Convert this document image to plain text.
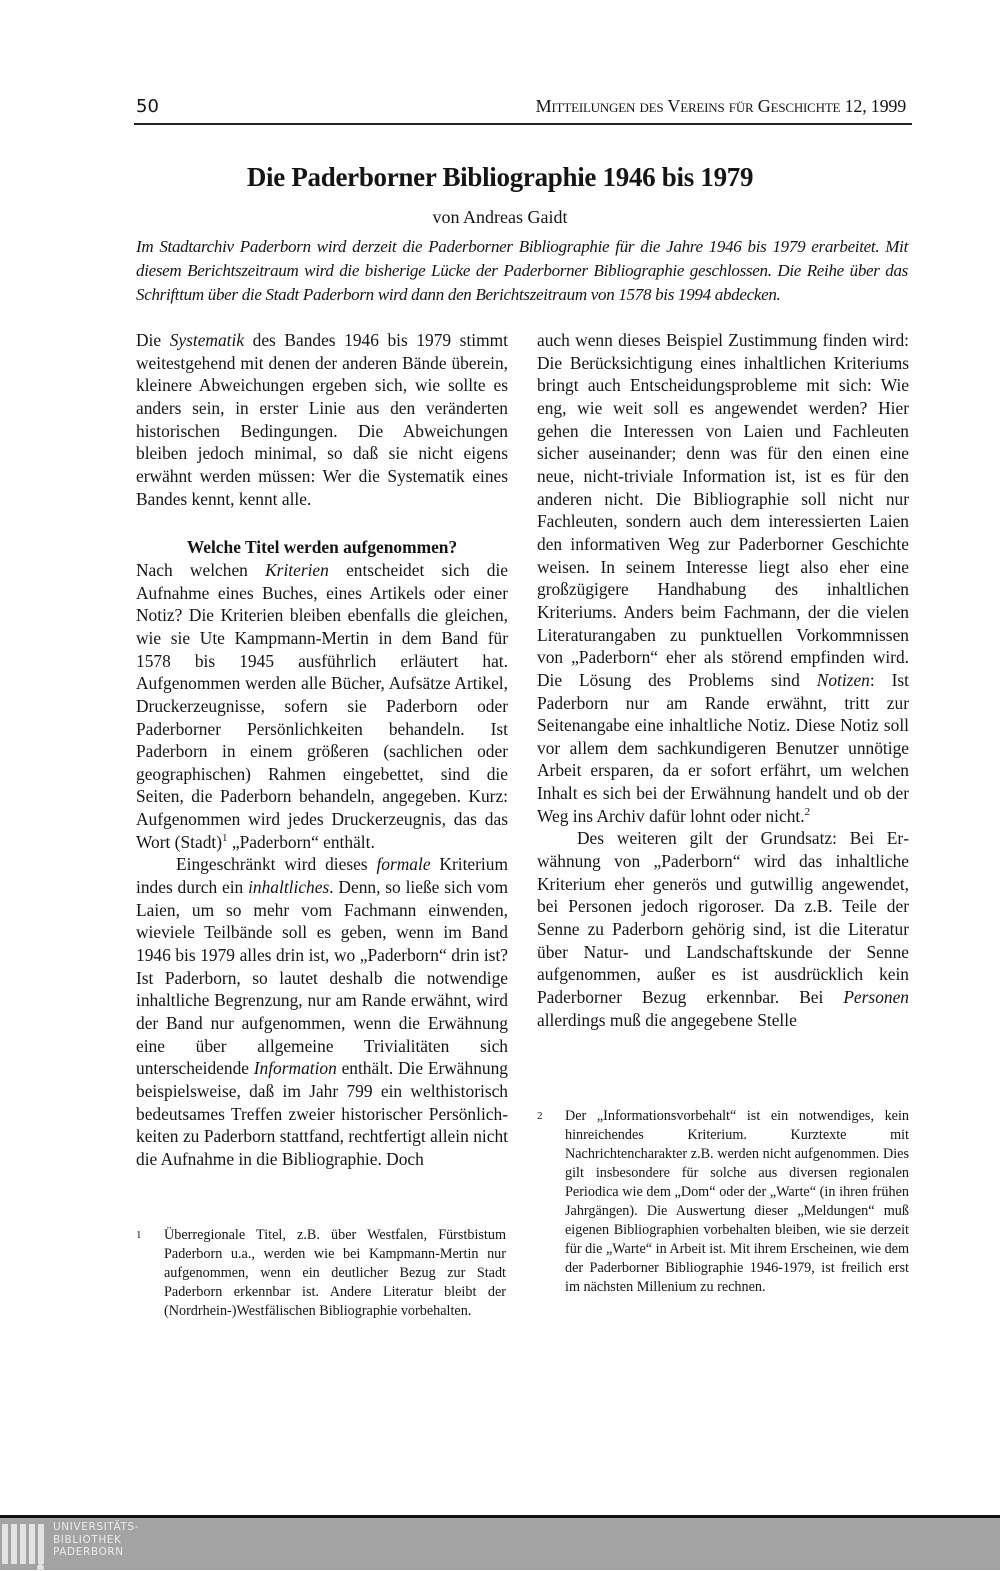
50	Mitteilungen des Vereins für Geschichte 12, 1999
Die Paderborner Bibliographie 1946 bis 1979
von Andreas Gaidt
Im Stadtarchiv Paderborn wird derzeit die Paderborner Bibliographie für die Jahre 1946 bis 1979 erarbeitet. Mit diesem Berichtszeitraum wird die bisherige Lücke der Paderborner Bibliographie geschlossen. Die Reihe über das Schrifttum über die Stadt Paderborn wird dann den Berichtszeitraum von 1578 bis 1994 abdecken.

Die Systematik des Bandes 1946 bis 1979 stimmt weitestgehend mit denen der anderen Bände überein, kleinere Abweichungen ergeben sich, wie sollte es anders sein, in erster Linie aus den veränderten historischen Bedingungen. Die Abweichungen bleiben jedoch minimal, so daß sie nicht eigens erwähnt werden müssen: Wer die Systematik eines Bandes kennt, kennt alle.

Welche Titel werden aufgenommen?

Nach welchen Kriterien entscheidet sich die Aufnahme eines Buches, eines Artikels oder einer Notiz? Die Kriterien bleiben ebenfalls die gleichen, wie sie Ute Kampmann-Mertin in dem Band für 1578 bis 1945 ausführlich erläutert hat. Aufgenommen werden alle Bücher, Aufsätze Artikel, Druckerzeugnisse, sofern sie Paderborn oder Paderborner Persönlichkeiten behandeln. Ist Paderborn in einem größeren (sachlichen oder geographischen) Rahmen eingebettet, sind die Seiten, die Paderborn behandeln, angegeben. Kurz: Aufgenommen wird jedes Druckerzeugnis, das das Wort (Stadt)$^1$ „Paderborn“ enthält.

Eingeschränkt wird dieses formale Kriterium indes durch ein inhaltliches. Denn, so ließe sich vom Laien, um so mehr vom Fachmann einwenden, wieviele Teilbände soll es geben, wenn im Band 1946 bis 1979 alles drin ist, wo „Paderborn“ drin ist? Ist Paderborn, so lautet deshalb die notwendige inhaltliche Begrenzung, nur am Rande erwähnt, wird der Band nur aufgenommen, wenn die Erwähnung eine über allgemeine Trivialitäten sich unterscheidende Information enthält. Die Erwähnung beispielsweise, daß im Jahr 799 ein welthistorisch bedeutsames Treffen zweier historischer Persönlichkeiten zu Paderborn stattfand, rechtfertigt allein nicht die Aufnahme in die Bibliographie. Doch

auch wenn dieses Beispiel Zustimmung finden wird: Die Berücksichtigung eines inhaltlichen Kriteriums bringt auch Entscheidungsprobleme mit sich: Wie eng, wie weit soll es angewendet werden? Hier gehen die Interessen von Laien und Fachleuten sicher auseinander; denn was für den einen eine neue, nicht-triviale Information ist, ist es für den anderen nicht. Die Bibliographie soll nicht nur Fachleuten, sondern auch dem interessierten Laien den informativen Weg zur Paderborner Geschichte weisen. In seinem Interesse liegt also eher eine großzügigere Handhabung des inhaltlichen Kriteriums. Anders beim Fachmann, der die vielen Literaturangaben zu punktuellen Vorkommnissen von „Paderborn“ eher als störend empfinden wird. Die Lösung des Problems sind Notizen: Ist Paderborn nur am Rande erwähnt, tritt zur Seitenangabe eine inhaltliche Notiz. Diese Notiz soll vor allem dem sachkundigeren Benutzer unnötige Arbeit ersparen, da er sofort erfährt, um welchen Inhalt es sich bei der Erwähnung handelt und ob der Weg ins Archiv dafür lohnt oder nicht.$^2$

Des weiteren gilt der Grundsatz: Bei Erwähnung von „Paderborn“ wird das inhaltliche Kriterium eher generös und gutwillig angewendet, bei Personen jedoch rigoroser. Da z.B. Teile der Senne zu Paderborn gehörig sind, ist die Literatur über Natur- und Landschaftskunde der Senne aufgenommen, außer es ist ausdrücklich kein Paderborner Bezug erkennbar. Bei Personen allerdings muß die angegebene Stelle

1 Überregionale Titel, z.B. über Westfalen, Fürstbistum Paderborn u.a., werden wie bei Kampmann-Mertin nur aufgenommen, wenn ein deutlicher Bezug zur Stadt Paderborn erkennbar ist. Andere Literatur bleibt der (Nordrhein-)Westfälischen Bibliographie vorbehalten.
2 Der „Informationsvorbehalt“ ist ein notwendiges, kein hinreichendes Kriterium. Kurztexte mit Nachrichtencharakter z.B. werden nicht aufgenommen. Dies gilt insbesondere für solche aus diversen regionalen Periodica wie dem „Dom“ oder der „Warte“ (in ihren frühen Jahrgängen). Die Auswertung dieser „Meldungen“ muß eigenen Bibliographien vorbehalten bleiben, wie sie derzeit für die „Warte“ in Arbeit ist. Mit ihrem Erscheinen, wie dem der Paderborner Bibliographie 1946-1979, ist freilich erst im nächsten Millenium zu rechnen.
UNIVERSITÄTS-
BIBLIOTHEK
PADERBORN
